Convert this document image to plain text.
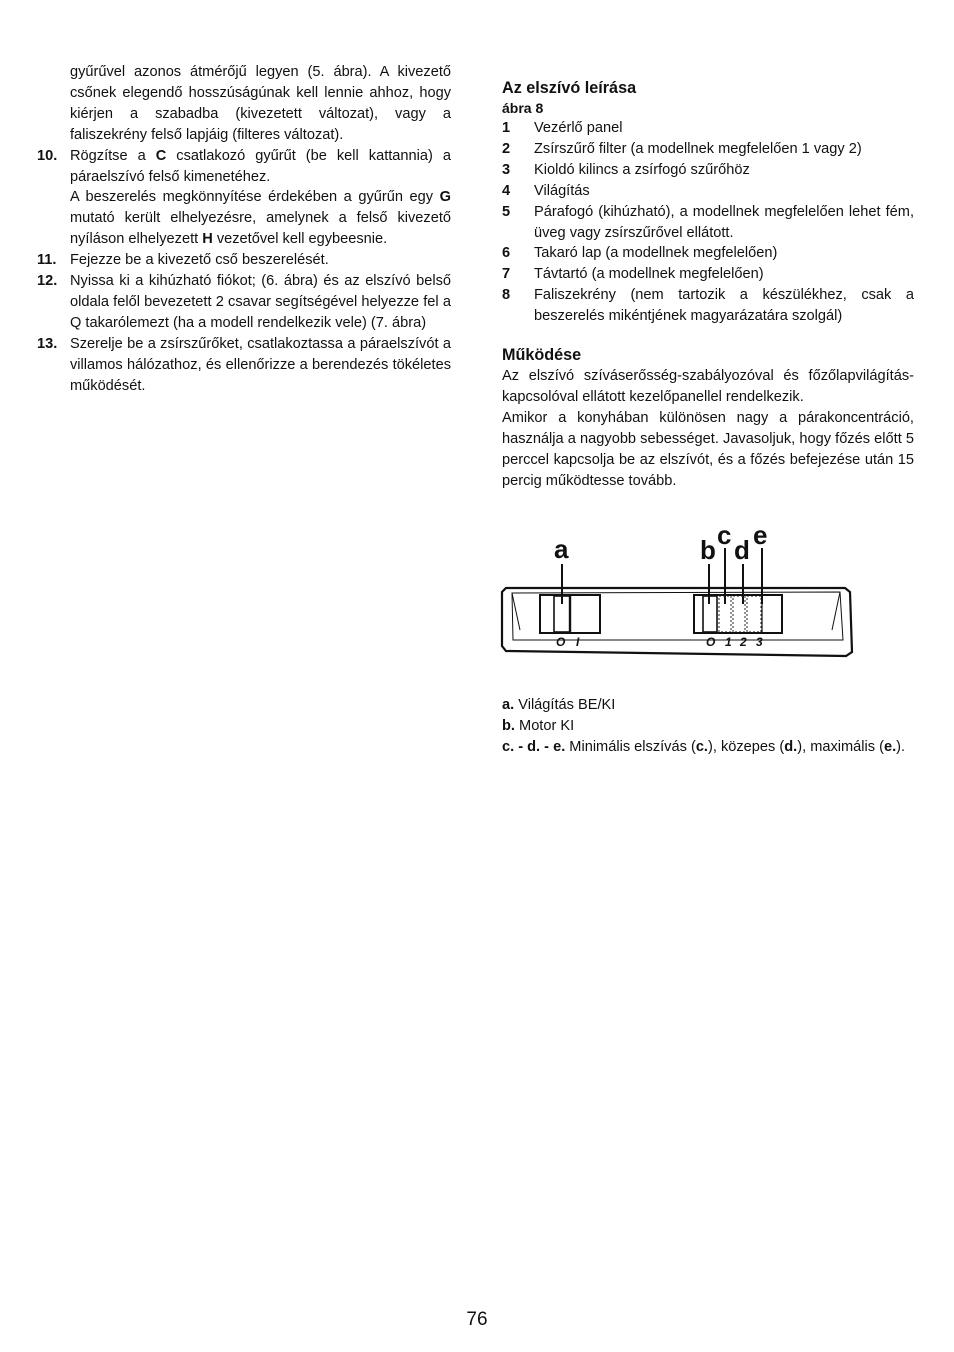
gyűrűvel azonos átmérőjű legyen (5. ábra). A kivezető
csőnek elegendő hosszúságúnak kell lennie ahhoz, hogy
kiérjen a szabadba (kivezetett változat), vagy a
faliszekrény felső lapjáig (filteres változat).
10. Rögzítse a C csatlakozó gyűrűt (be kell kattannia) a páraelszívó felső kimenetéhez.
A beszerelés megkönnyítése érdekében a gyűrűn egy G mutató került elhelyezésre, amelynek a felső kivezető nyíláson elhelyezett H vezetővel kell egybeesnie.
11. Fejezze be a kivezető cső beszerelését.
12. Nyissa ki a kihúzható fiókot; (6. ábra) és az elszívó belső oldala felől bevezetett 2 csavar segítségével helyezze fel a Q takarólemezt (ha a modell rendelkezik vele) (7. ábra)
13. Szerelje be a zsírszűrőket, csatlakoztassa a páraelszívót a villamos hálózathoz, és ellenőrizze a berendezés tökéletes működését.
Az elszívó leírása
ábra 8
1	Vezérlő panel
2	Zsírszűrő filter (a modellnek megfelelően 1 vagy 2)
3	Kioldó kilincs a zsírfogó szűrőhöz
4	Világítás
5	Párafogó (kihúzható), a modellnek megfelelően lehet fém, üveg vagy zsírszűrővel ellátott.
6	Takaró lap (a modellnek megfelelően)
7	Távtartó (a modellnek megfelelően)
8	Faliszekrény (nem tartozik a készülékhez, csak a beszerelés mikéntjének magyarázatára szolgál)
Működése
Az elszívó szíváserősség-szabályozóval és főzőlapvilágítás-kapcsolóval ellátott kezelőpanellel rendelkezik.
Amikor a konyhában különösen nagy a párakoncentráció, használja a nagyobb sebességet. Javasoljuk, hogy főzés előtt 5 perccel kapcsolja be az elszívót, és a főzés befejezése után 15 percig működtesse tovább.
a	b c d e
O I	O 1 2 3
a. Világítás BE/KI
b. Motor KI
c. - d. - e. Minimális elszívás (c.), közepes (d.), maximális (e.).
76
